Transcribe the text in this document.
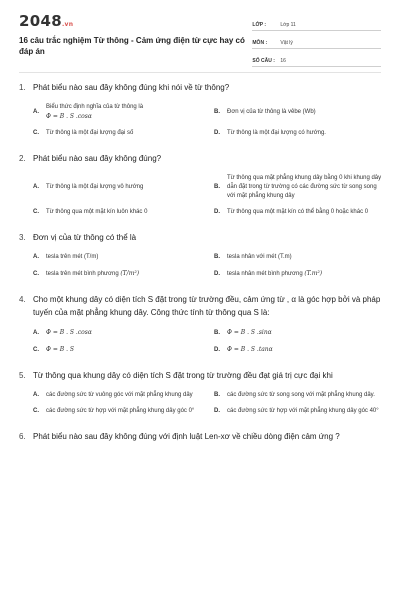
2048.vn
16 câu trắc nghiệm Từ thông - Cảm ứng điện từ cực hay có đáp án
LỚP :	Lớp 11
MÔN :	Vật lý
SỐ CÂU :	16
1. Phát biểu nào sau đây không đúng khi nói về từ thông?
A.
Biểu thức định nghĩa của từ thông là
Φ = B . S .cosα
B.	Đơn vị của từ thông là vêbe (Wb)
C.	Từ thông là một đại lượng đại số	D.	Từ thông là một đại lượng có hướng.
2. Phát biểu nào sau đây không đúng?
A.	Từ thông là một đại lượng vô hướng	B.
Từ thông qua mặt phẳng khung dây bằng 0 khi khung dây dẫn đặt trong từ trường có các đường sức từ song song với mặt phẳng khung dây
C.	Từ thông qua một mặt kín luôn khác 0	D.	Từ thông qua một mặt kín có thể bằng 0 hoặc khác 0
3. Đơn vị của từ thông có thể là
A.	tesla trên mét (T/m)	B.	tesla nhân với mét (T.m)
C.	tesla trên mét bình phương (T/m²)	D.	tesla nhân mét bình phương (T.m²)
4. Cho một khung dây có diện tích S đặt trong từ trường đều, cảm ứng từ , α là góc hợp bởi và pháp tuyến của mặt phẳng khung dây. Công thức tính từ thông qua S là:
A.	Φ = B . S .cosα	B.	Φ = B . S .sinα
C.	Φ = B . S	D.	Φ = B . S .tanα
5. Từ thông qua khung dây có diện tích S đặt trong từ trường đều đạt giá trị cực đại khi
A.	các đường sức từ vuông góc với mặt phẳng khung dây	B.	các đường sức từ song song với mặt phẳng khung dây.
C.	các đường sức từ hợp với mặt phẳng khung dây góc 0°	D.	các đường sức từ hợp với mặt phẳng khung dây góc 40°
6. Phát biểu nào sau đây không đúng với định luật Len-xơ về chiều dòng điện cảm ứng ?
